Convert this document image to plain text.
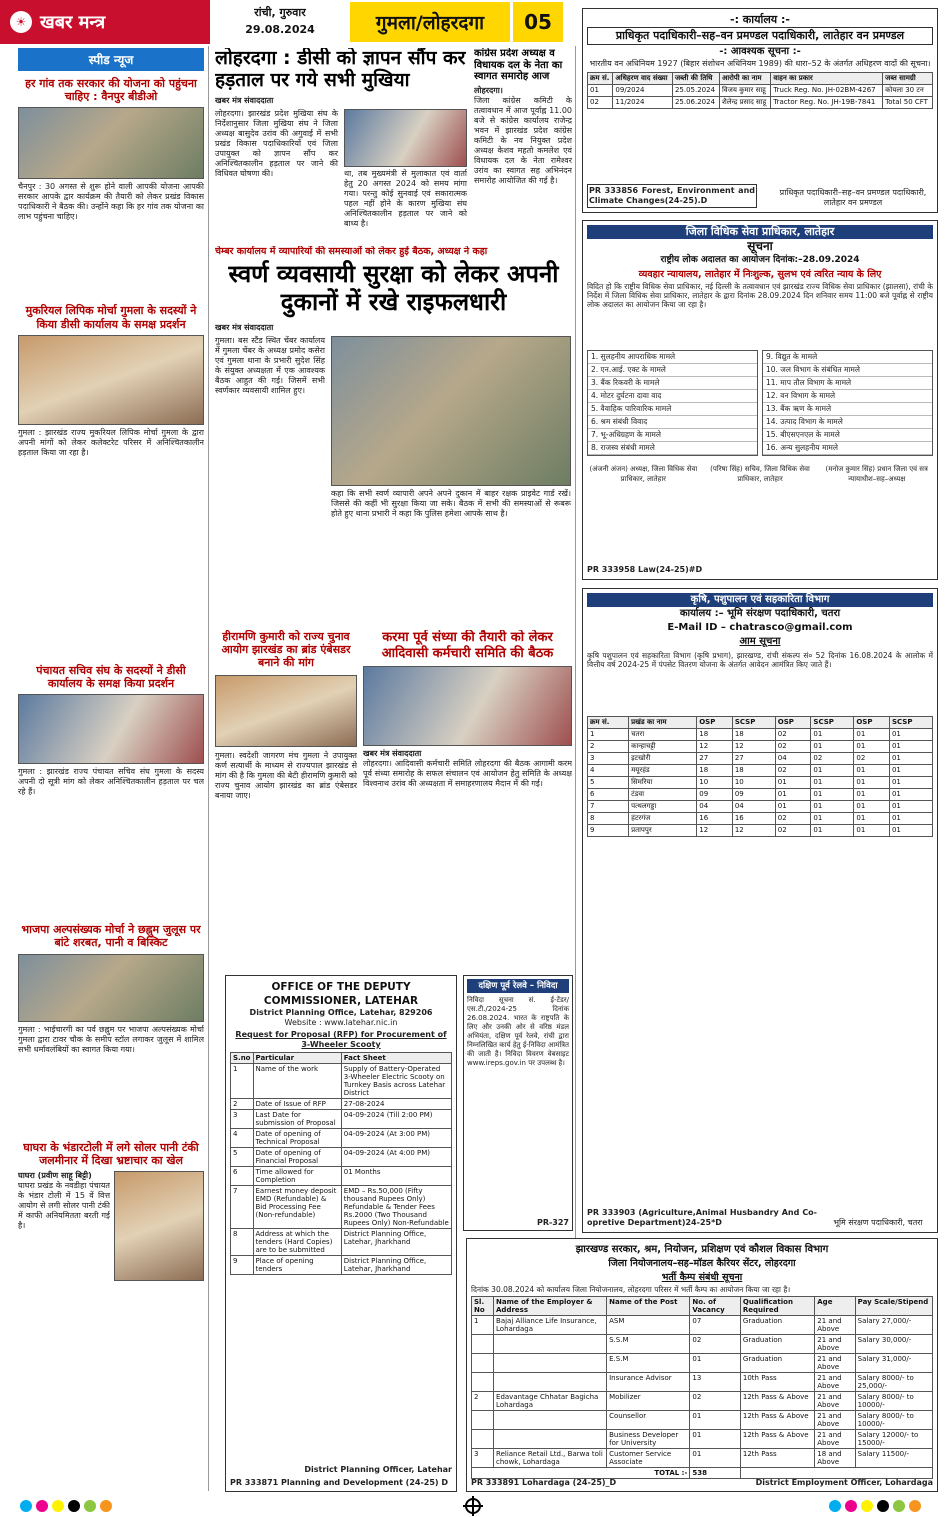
☀ खबर मन्त्र	रांची, गुरुवार
29.08.2024	गुमला/लोहरदगा	05
स्पीड न्यूज
हर गांव तक सरकार की योजना को पहुंचना चाहिए : वैनपुर बीडीओ
चैनपुर : 30 अगस्त से शुरू होने वाली आपकी योजना आपकी सरकार आपके द्वार कार्यक्रम की तैयारी को लेकर प्रखंड विकास पदाधिकारी ने बैठक की। उन्होंने कहा कि हर गांव तक योजना का लाभ पहुंचना चाहिए।
मुकरियल लिपिक मोर्चा गुमला के सदस्यों ने किया डीसी कार्यालय के समक्ष प्रदर्शन
गुमला : झारखंड राज्य मुकरियल लिपिक मोर्चा गुमला के द्वारा अपनी मांगों को लेकर कलेक्टरेट परिसर में अनिश्चितकालीन हड़ताल किया जा रहा है।
पंचायत सचिव संघ के सदस्यों ने डीसी कार्यालय के समक्ष किया प्रदर्शन
गुमला : झारखंड राज्य पंचायत सचिव संघ गुमला के सदस्य अपनी दो सूत्री मांग को लेकर अनिश्चितकालीन हड़ताल पर चल रहे हैं।
भाजपा अल्पसंख्यक मोर्चा ने छह्नुम जुलूस पर बांटे शरबत, पानी व बिस्किट
गुमला : भाईचारगी का पर्व छह्नुम पर भाजपा अल्पसंख्यक मोर्चा गुमला द्वारा टावर चौक के समीप स्टॉल लगाकर जुलूस में शामिल सभी धर्मावलंबियों का स्वागत किया गया।
घाघरा के भंडारटोली में लगे सोलर पानी टंकी जलमीनार में दिखा भ्रष्टाचार का खेल
घाघरा (प्रवीण साहू बिट्टी)
घाघरा प्रखंड के नवडीहा पंचायत के भंडार टोली में 15 वें वित्त आयोग से लगी सोलर पानी टंकी में काफी अनियमितता बरती गई है।
लोहरदगा : डीसी को ज्ञापन सौंप कर हड़ताल पर गये सभी मुखिया
खबर मंत्र संवाददाता
लोहरदगा। झारखंड प्रदेश मुखिया संघ के निर्देशानुसार जिला मुखिया संघ ने जिला अध्यक्ष बासुदेव उरांव की अगुवाई में सभी प्रखंड विकास पदाधिकारियों एवं जिला उपायुक्त को ज्ञापन सौंप कर अनिश्चितकालीन हड़ताल पर जाने की विधिवत घोषणा की।	था, तब मुख्यमंत्री से मुलाकात एवं वार्ता हेतु 20 अगस्त 2024 को समय मांगा गया। परन्तु कोई सुनवाई एवं सकारात्मक पहल नहीं होने के कारण मुखिया संघ अनिश्चितकालीन हड़ताल पर जाने को बाध्य है।
कांग्रेस प्रदेश अध्यक्ष व विधायक दल के नेता का स्वागत समारोह आज
लोहरदगा।
जिला कांग्रेस कमिटी के तत्वावधान में आज पूर्वाह्न 11.00 बजे से कांग्रेस कार्यालय राजेन्द्र भवन में झारखंड प्रदेश कांग्रेस कमिटी के नव नियुक्त प्रदेश अध्यक्ष केशव महतो कमलेश एवं विधायक दल के नेता रामेश्वर उरांव का स्वागत सह अभिनंदन समारोह आयोजित की गई है।
चेम्बर कार्यालय में व्यापारियों की समस्याओं को लेकर हुई बैठक, अध्यक्ष ने कहा
स्वर्ण व्यवसायी सुरक्षा को लेकर अपनी दुकानों में रखे राइफलधारी
खबर मंत्र संवाददाता
गुमला। बस स्टैंड स्थित चेंबर कार्यालय में गुमला चेंबर के अध्यक्ष प्रमोद कसेरा एवं गुमला थाना के प्रभारी सुदेश सिंह के संयुक्त अध्यक्षता में एक आवश्यक बैठक आहुत की गई। जिसमें सभी स्वर्णकार व्यवसायी शामिल हुए।
कहा कि सभी स्वर्ण व्यापारी अपने अपने दुकान में बाहर रक्षक प्राइवेट गार्ड रखें। जिससे की कहीं भी सुरक्षा किया जा सके। बैठक में सभी की समस्याओं से रूबरू होते हुए थाना प्रभारी ने कहा कि पुलिस हमेशा आपके साथ है।
हीरामणि कुमारी को राज्य चुनाव आयोग झारखंड का ब्रांड एंबेसडर बनाने की मांग
गुमला। स्वदेशी जागरण मंच गुमला ने उपायुक्त कर्ण सत्यार्थी के माध्यम से राज्यपाल झारखंड से मांग की है कि गुमला की बेटी हीरामणि कुमारी को राज्य चुनाव आयोग झारखंड का ब्रांड एंबेसडर बनाया जाए।
करमा पूर्व संध्या की तैयारी को लेकर आदिवासी कर्मचारी समिति की बैठक
खबर मंत्र संवाददाता
लोहरदगा। आदिवासी कर्मचारी समिति लोहरदगा की बैठक आगामी करम पूर्व संध्या समारोह के सफल संचालन एवं आयोजन हेतु समिति के अध्यक्ष विश्वनाथ उरांव की अध्यक्षता में समाहरणालय मैदान में की गई।
OFFICE OF THE DEPUTY COMMISSIONER, LATEHAR
District Planning Office, Latehar, 829206
Website : www.latehar.nic.in
Request for Proposal (RFP) for Procurement of 3-Wheeler Scooty
S.no	Particular	Fact Sheet
1	Name of the work	Supply of Battery-Operated 3-Wheeler Electric Scooty on Turnkey Basis across Latehar District
2	Date of Issue of RFP	27-08-2024
3	Last Date for submission of Proposal	04-09-2024 (Till 2:00 PM)
4	Date of opening of Technical Proposal	04-09-2024 (At 3:00 PM)
5	Date of opening of Financial Proposal	04-09-2024 (At 4:00 PM)
6	Time allowed for Completion	01 Months
7	Earnest money deposit EMD (Refundable) & Bid Processing Fee (Non-refundable)	EMD – Rs.50,000 (Fifty thousand Rupees Only) Refundable & Tender Fees Rs.2000 (Two Thousand Rupees Only) Non-Refundable
8	Address at which the tenders (Hard Copies) are to be submitted	District Planning Office, Latehar, Jharkhand
9	Place of opening tenders	District Planning Office, Latehar, Jharkhand
District Planning Officer, Latehar
PR 333871 Planning and Development (24-25) D
दक्षिण पूर्व रेलवे – निविदा
निविदा सूचना सं. ई-टेंडर/एस.टी./2024-25 दिनांक 26.08.2024. भारत के राष्ट्रपति के लिए और उनकी ओर से वरिष्ठ मंडल अभियंता, दक्षिण पूर्व रेलवे, रांची द्वारा निम्नलिखित कार्य हेतु ई-निविदा आमंत्रित की जाती है। निविदा विवरण वेबसाइट www.ireps.gov.in पर उपलब्ध है।
PR-327
-: कार्यालय :-
प्राधिकृत पदाधिकारी–सह–वन प्रमण्डल पदाधिकारी, लातेहार वन प्रमण्डल
-: आवश्यक सूचना :-
भारतीय वन अधिनियम 1927 (बिहार संशोधन अधिनियम 1989) की धारा–52 के अंतर्गत अधिहरण वादों की सूचना।
क्रम सं.	अधिहरण वाद संख्या	जब्ती की तिथि	आरोपी का नाम	वाहन का प्रकार	जब्त सामग्री
01	09/2024	25.05.2024	विजय कुमार साहू	Truck Reg. No. JH-02BM-4267	कोयला 30 टन
02	11/2024	25.06.2024	शैलेन्द्र प्रसाद साहू	Tractor Reg. No. JH-19B-7841	Total 50 CFT
PR 333856 Forest, Environment and Climate Changes(24-25).D
प्राधिकृत पदाधिकारी–सह–वन प्रमण्डल पदाधिकारी, लातेहार वन प्रमण्डल
जिला विधिक सेवा प्राधिकार, लातेहार
सूचना
राष्ट्रीय लोक अदालत का आयोजन दिनांक:–28.09.2024
व्यवहार न्यायालय, लातेहार में निःशुल्क, सुलभ एवं त्वरित न्याय के लिए
विदित हो कि राष्ट्रीय विधिक सेवा प्राधिकार, नई दिल्ली के तत्वावधान एवं झारखंड राज्य विधिक सेवा प्राधिकार (झालसा), रांची के निर्देश में जिला विधिक सेवा प्राधिकार, लातेहार के द्वारा दिनांक 28.09.2024 दिन शनिवार समय 11:00 बजे पूर्वाह्न से राष्ट्रीय लोक अदालत का आयोजन किया जा रहा है।
1. सुलहनीय आपराधिक मामले
2. एन.आई. एक्ट के मामले
3. बैंक रिकवरी के मामले
4. मोटर दुर्घटना दावा वाद
5. वैवाहिक पारिवारिक मामले
6. श्रम संबंधी विवाद
7. भू-अधिग्रहण के मामले
8. राजस्व संबंधी मामले
9. विद्युत के मामले
10. जल विभाग के संबंधित मामले
11. माप तौल विभाग के मामले
12. वन विभाग के मामले
13. बैंक ऋण के मामले
14. उत्पाद विभाग के मामले
15. बीएसएनएल के मामले
16. अन्य सुलहनीय मामले
(अंजनी अंजन) अध्यक्ष, जिला विधिक सेवा प्राधिकार, लातेहार
(परिषा सिंह) सचिव, जिला विधिक सेवा प्राधिकार, लातेहार
(मनोज कुमार सिंह) प्रधान जिला एवं सत्र न्यायाधीश–सह–अध्यक्ष
PR 333958 Law(24-25)#D
कृषि, पशुपालन एवं सहकारिता विभाग
कार्यालय :– भूमि संरक्षण पदाधिकारी, चतरा
E-Mail ID – chatrasco@gmail.com
आम सूचना
कृषि पशुपालन एवं सहकारिता विभाग (कृषि प्रभाग), झारखण्ड, रांची संकल्प सं० 52 दिनांक 16.08.2024 के आलोक में वित्तीय वर्ष 2024-25 में पंपसेट वितरण योजना के अंतर्गत आवेदन आमंत्रित किए जाते हैं।
क्रम सं.	प्रखंड का नाम	OSP	SCSP	OSP	SCSP	OSP	SCSP
1	चतरा	18	18	02	01	01	01
2	कान्हाचट्टी	12	12	02	01	01	01
3	इटखोरी	27	27	04	02	02	01
4	मयूरहंड	18	18	02	01	01	01
5	सिमरिया	10	10	01	01	01	01
6	टंडवा	09	09	01	01	01	01
7	पत्थलगड्डा	04	04	01	01	01	01
8	हंटरगंज	16	16	02	01	01	01
9	प्रतापपुर	12	12	02	01	01	01
PR 333903 (Agriculture,Animal Husbandry And Co-opretive Department)24-25*D	भूमि संरक्षण पदाधिकारी, चतरा
झारखण्ड सरकार, श्रम, नियोजन, प्रशिक्षण एवं कौशल विकास विभाग
जिला नियोजनालय–सह–मॉडल कैरियर सेंटर, लोहरदगा
भर्ती कैम्प संबंधी सूचना
दिनांक 30.08.2024 को कार्यालय जिला नियोजनालय, लोहरदगा परिसर में भर्ती कैम्प का आयोजन किया जा रहा है।
Sl. No	Name of the Employer & Address	Name of the Post	No. of Vacancy	Qualification Required	Age	Pay Scale/Stipend
1	Bajaj Alliance Life Insurance, Lohardaga	ASM	07	Graduation	21 and Above	Salary 27,000/-
		S.S.M	02	Graduation	21 and Above	Salary 30,000/-
		E.S.M	01	Graduation	21 and Above	Salary 31,000/-
		Insurance Advisor	13	10th Pass	21 and Above	Salary 8000/- to 25,000/-
2	Edavantage Chhatar Bagicha Lohardaga	Mobilizer	02	12th Pass & Above	21 and Above	Salary 8000/- to 10000/-
		Counsellor	01	12th Pass & Above	21 and Above	Salary 8000/- to 10000/-
		Business Developer for University	01	12th Pass & Above	21 and Above	Salary 12000/- to 15000/-
3	Reliance Retail Ltd., Barwa toli chowk, Lohardaga	Customer Service Associate	01	12th Pass	18 and Above	Salary 11500/-
TOTAL :-			538			
PR 333891 Lohardaga (24-25)_D	District Employment Officer, Lohardaga
